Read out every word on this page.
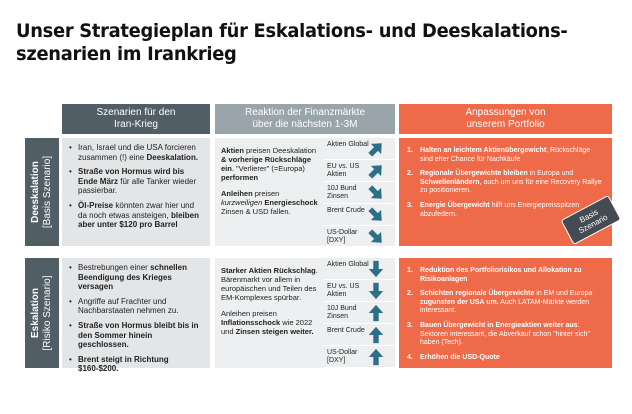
Unser Strategieplan für Eskalations- und Deeskalations-szenarien im Irankrieg
Szenarien für den
Iran-Krieg
Reaktion der Finanzmärkte
über die nächsten 1-3M
Anpassungen von
unserem Portfolio
Deeskalation [Basis Szenario]
• Iran, Israel und die USA forcieren zusammen (!) eine Deeskalation.
• Straße von Hormus wird bis Ende März für alle Tanker wieder passierbar.
• Öl-Preise könnten zwar hier und da noch etwas ansteigen, bleiben aber unter $120 pro Barrel

Aktien preisen Deeskalation & vorherige Rückschläge ein. "Verlierer" (=Europa) performen

Anleihen preisen kurzweiligen Energieschock Zinsen & USD fallen.

Aktien Global
EU vs. US Aktien
10J Bund Zinsen
Brent Crude
US-Dollar [DXY]
1. Halten an leichtem Aktienübergewicht; Rückschläge sind eher Chance für Nachkäufe
2. Regionale Übergewichte bleiben in Europa und Schwellenländern, auch um uns für eine Recovery Rallye zu positionieren.
3. Energie Übergewicht hilft uns Energiepreisspitzen abzufedern.	Basis Szenario
Eskalation [Risiko Szenario]
• Bestrebungen einer schnellen Beendigung des Krieges versagen
• Angriffe auf Frachter und Nachbarstaaten nehmen zu.
• Straße von Hormus bleibt bis in den Sommer hinein geschlossen.
• Brent steigt in Richtung $160-$200.

Starker Aktien Rückschlag. Bärenmarkt vor allem in europäischen und Teilen des EM-Komplexes spürbar.

Anleihen preisen Inflationsschock wie 2022 und Zinsen steigen weiter.

Aktien Global
EU vs. US Aktien
10J Bund Zinsen
Brent Crude
US-Dollar [DXY]
1. Reduktion des Portfoliorisikos und Allokation zu Risikoanlagen
2. Schichten regionale Übergewichte in EM und Europa zugunsten der USA um. Auch LATAM-Märkte werden interessant.
3. Bauen Übergewicht in Energieaktien weiter aus: Sektoren interessant, die Abverkauf schon "hinter sich" haben (Tech).
4. Erhöhen die USD-Quote
